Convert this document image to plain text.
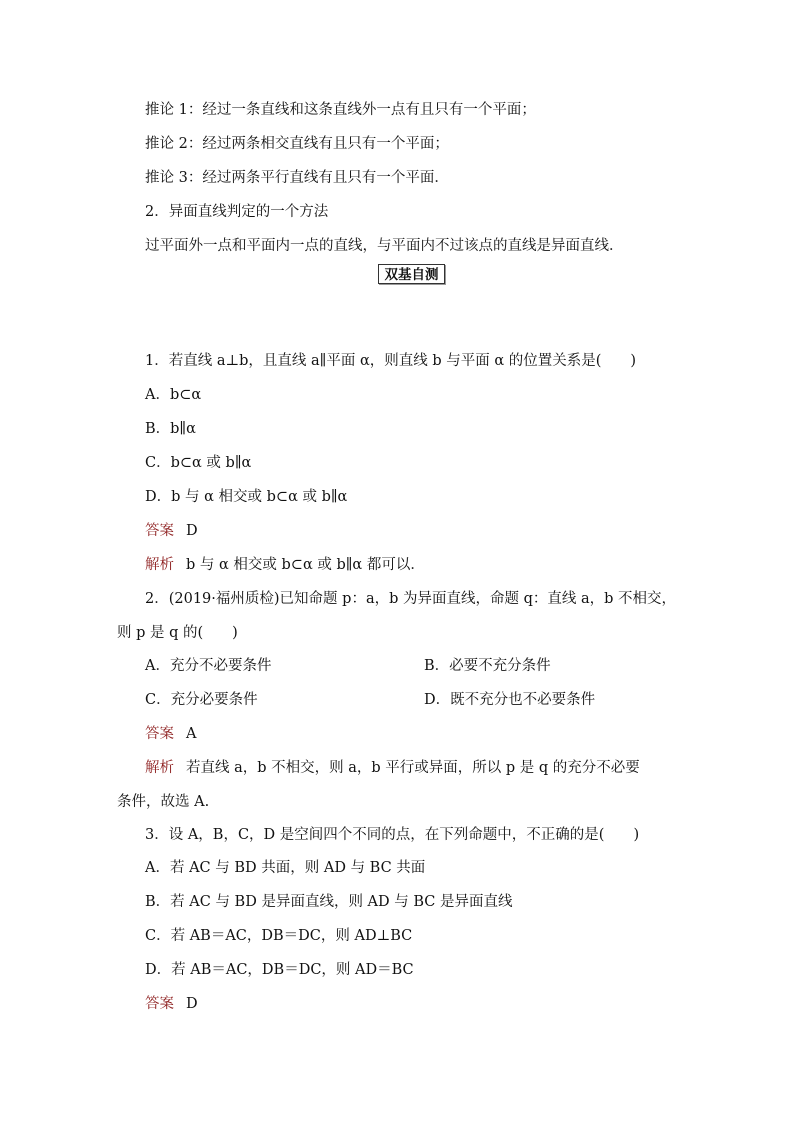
推论 1：经过一条直线和这条直线外一点有且只有一个平面；
推论 2：经过两条相交直线有且只有一个平面；
推论 3：经过两条平行直线有且只有一个平面．
2．异面直线判定的一个方法
过平面外一点和平面内一点的直线，与平面内不过该点的直线是异面直线．
双基自测
1．若直线 a⊥b，且直线 a∥平面 α，则直线 b 与平面 α 的位置关系是(　　)
A．b⊂α
B．b∥α
C．b⊂α 或 b∥α
D．b 与 α 相交或 b⊂α 或 b∥α
答案 D
解析 b 与 α 相交或 b⊂α 或 b∥α 都可以．
2．(2019·福州质检)已知命题 p：a，b 为异面直线，命题 q：直线 a，b 不相交，
则 p 是 q 的(　　)
A．充分不必要条件	B．必要不充分条件
C．充分必要条件	D．既不充分也不必要条件
答案 A
解析 若直线 a，b 不相交，则 a，b 平行或异面，所以 p 是 q 的充分不必要
条件，故选 A.
3．设 A，B，C，D 是空间四个不同的点，在下列命题中，不正确的是(　　)
A．若 AC 与 BD 共面，则 AD 与 BC 共面
B．若 AC 与 BD 是异面直线，则 AD 与 BC 是异面直线
C．若 AB＝AC，DB＝DC，则 AD⊥BC
D．若 AB＝AC，DB＝DC，则 AD＝BC
答案 D
